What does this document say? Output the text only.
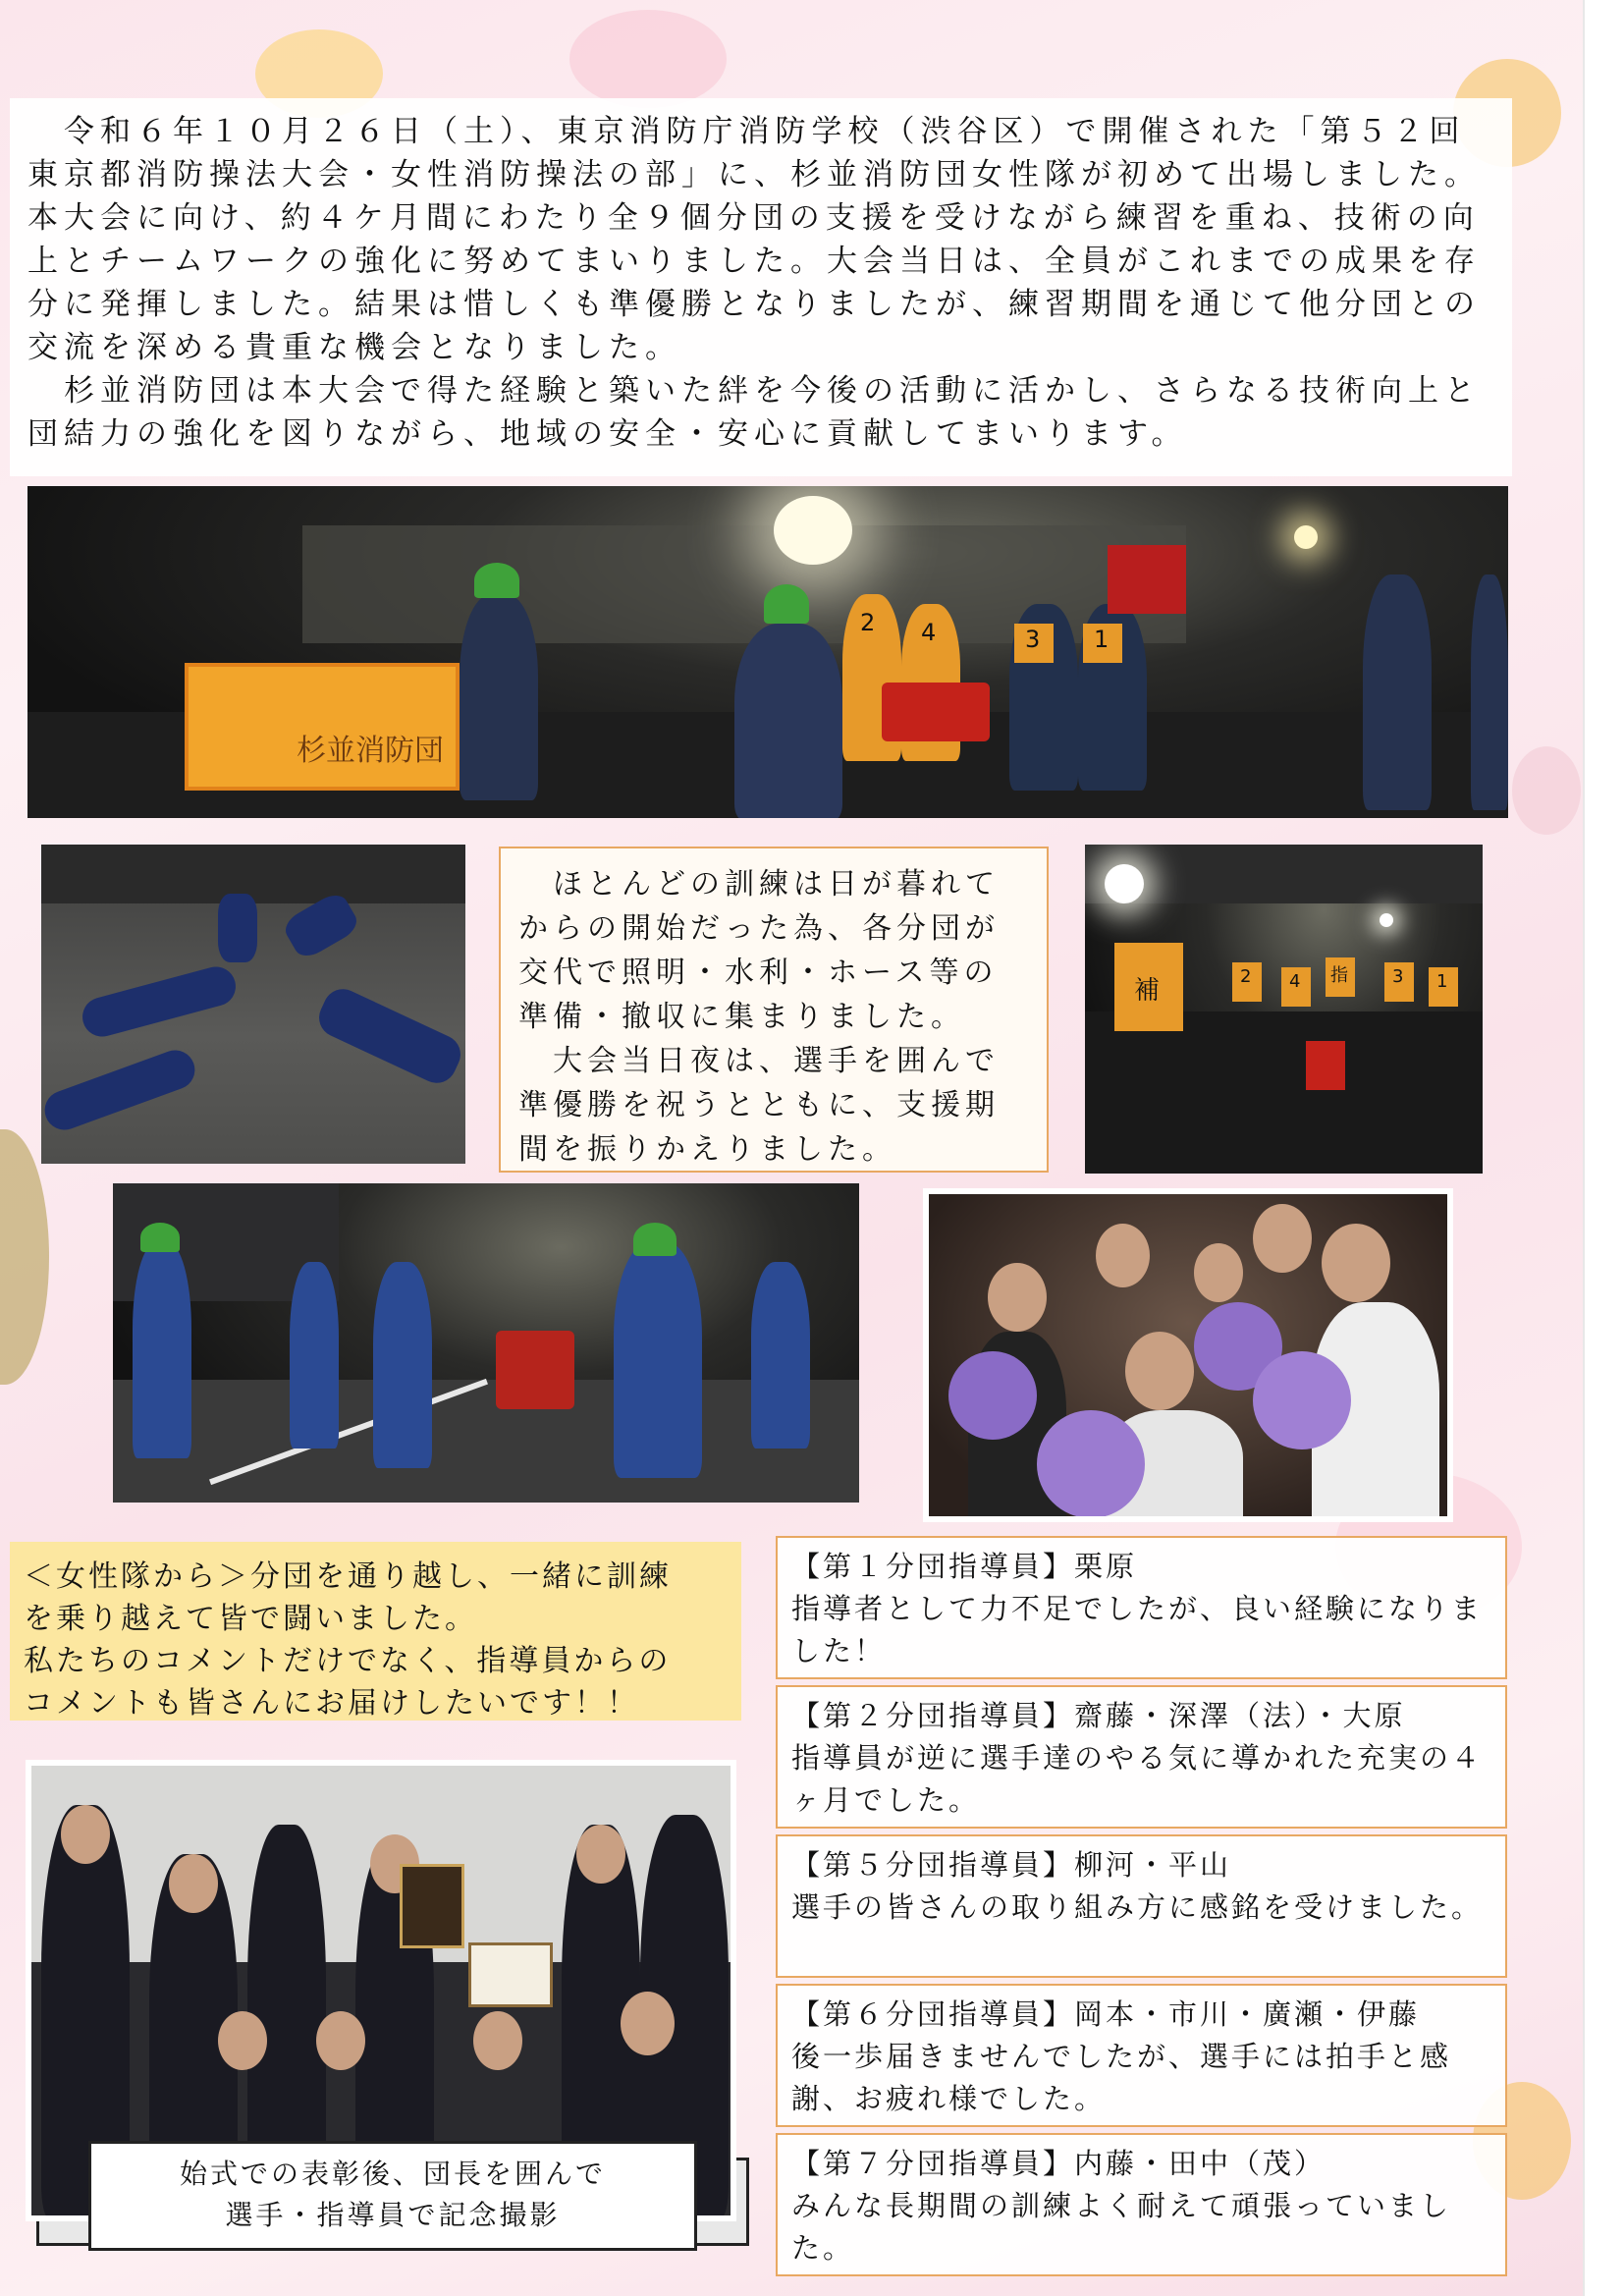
　令和６年１０月２６日（土）、東京消防庁消防学校（渋谷区）で開催された「第５２回東京都消防操法大会・女性消防操法の部」に、杉並消防団女性隊が初めて出場しました。本大会に向け、約４ケ月間にわたり全９個分団の支援を受けながら練習を重ね、技術の向上とチームワークの強化に努めてまいりました。大会当日は、全員がこれまでの成果を存分に発揮しました。結果は惜しくも準優勝となりましたが、練習期間を通じて他分団との交流を深める貴重な機会となりました。

　杉並消防団は本大会で得た経験と築いた絆を今後の活動に活かし、さらなる技術向上と団結力の強化を図りながら、地域の安全・安心に貢献してまいります。

杉並消防団
2 4	3 1

　ほとんどの訓練は日が暮れてからの開始だった為、各分団が交代で照明・水利・ホース等の準備・撤収に集まりました。

　大会当日夜は、選手を囲んで準優勝を祝うとともに、支援期間を振りかえりました。

補	2 4 指	3 1

＜女性隊から＞分団を通り越し、一緒に訓練

を乗り越えて皆で闘いました。

私たちのコメントだけでなく、指導員からの

コメントも皆さんにお届けしたいです！！

【第１分団指導員】栗原

指導者として力不足でしたが、良い経験になりました！

【第２分団指導員】齋藤・深澤（法）・大原

指導員が逆に選手達のやる気に導かれた充実の４ヶ月でした。

【第５分団指導員】柳河・平山

選手の皆さんの取り組み方に感銘を受けました。

【第６分団指導員】岡本・市川・廣瀬・伊藤

後一歩届きませんでしたが、選手には拍手と感謝、お疲れ様でした。

【第７分団指導員】内藤・田中（茂）

みんな長期間の訓練よく耐えて頑張っていました。

始式での表彰後、団長を囲んで

選手・指導員で記念撮影
